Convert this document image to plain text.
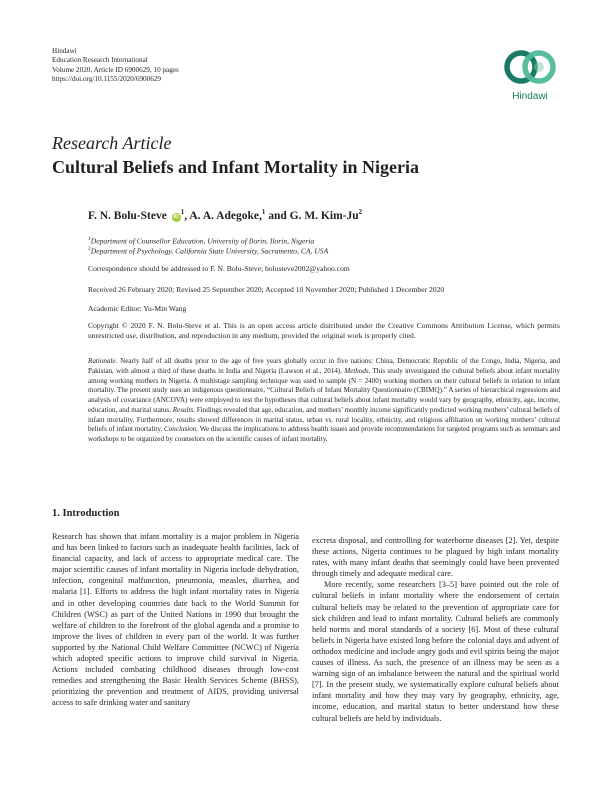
Hindawi
Education Research International
Volume 2020, Article ID 6900629, 10 pages
https://doi.org/10.1155/2020/6900629
Hindawi
Research Article
Cultural Beliefs and Infant Mortality in Nigeria
F. N. Bolu-Steve $iD^1$, A. A. Adegoke,$^1$ and G. M. Kim-Ju$^2$
$^1$Department of Counsellor Education, University of Ilorin, Ilorin, Nigeria
$^2$Department of Psychology, California State University, Sacramento, CA, USA
Correspondence should be addressed to F. N. Bolu-Steve; bolusteve2002@yahoo.com
Received 26 February 2020; Revised 25 September 2020; Accepted 10 November 2020; Published 1 December 2020
Academic Editor: Yu-Min Wang
Copyright © 2020 F. N. Bolu-Steve et al. This is an open access article distributed under the Creative Commons Attribution License, which permits unrestricted use, distribution, and reproduction in any medium, provided the original work is properly cited.
Rationale. Nearly half of all deaths prior to the age of five years globally occur in five nations: China, Democratic Republic of the Congo, India, Nigeria, and Pakistan, with almost a third of these deaths in India and Nigeria (Lawson et al., 2014). Methods. This study investigated the cultural beliefs about infant mortality among working mothers in Nigeria. A multistage sampling technique was used to sample (N = 2400) working mothers on their cultural beliefs in relation to infant mortality. The present study uses an indigenous questionnaire, “Cultural Beliefs of Infant Mortality Questionnaire (CBIMQ).” A series of hierarchical regressions and analysis of covariance (ANCOVA) were employed to test the hypotheses that cultural beliefs about infant mortality would vary by geography, ethnicity, age, income, education, and marital status. Results. Findings revealed that age, education, and mothers’ monthly income significantly predicted working mothers’ cultural beliefs of infant mortality. Furthermore, results showed differences in marital status, urban vs. rural locality, ethnicity, and religious affiliation on working mothers’ cultural beliefs of infant mortality. Conclusion. We discuss the implications to address health issues and provide recommendations for targeted programs such as seminars and workshops to be organized by counselors on the scientific causes of infant mortality.
1. Introduction

Research has shown that infant mortality is a major problem in Nigeria and has been linked to factors such as inadequate health facilities, lack of financial capacity, and lack of access to appropriate medical care. The major scientific causes of infant mortality in Nigeria include dehydration, infection, congenital malfunction, pneumonia, measles, diarrhea, and malaria [1]. Efforts to address the high infant mortality rates in Nigeria and in other developing countries date back to the World Summit for Children (WSC) as part of the United Nations in 1990 that brought the welfare of children to the forefront of the global agenda and a promise to improve the lives of children in every part of the world. It was further supported by the National Child Welfare Committee (NCWC) of Nigeria which adopted specific actions to improve child survival in Nigeria. Actions included combating childhood diseases through low-cost remedies and strengthening the Basic Health Services Scheme (BHSS), prioritizing the prevention and treatment of AIDS, providing universal access to safe drinking water and sanitary

excreta disposal, and controlling for waterborne diseases [2]. Yet, despite these actions, Nigeria continues to be plagued by high infant mortality rates, with many infant deaths that seemingly could have been prevented through timely and adequate medical care.

More recently, some researchers [3–5] have pointed out the role of cultural beliefs in infant mortality where the endorsement of certain cultural beliefs may be related to the prevention of appropriate care for sick children and lead to infant mortality. Cultural beliefs are commonly held norms and moral standards of a society [6]. Most of these cultural beliefs in Nigeria have existed long before the colonial days and advent of orthodox medicine and include angry gods and evil spirits being the major causes of illness. As such, the presence of an illness may be seen as a warning sign of an imbalance between the natural and the spiritual world [7]. In the present study, we systematically explore cultural beliefs about infant mortality and how they may vary by geography, ethnicity, age, income, education, and marital status to better understand how these cultural beliefs are held by individuals.
